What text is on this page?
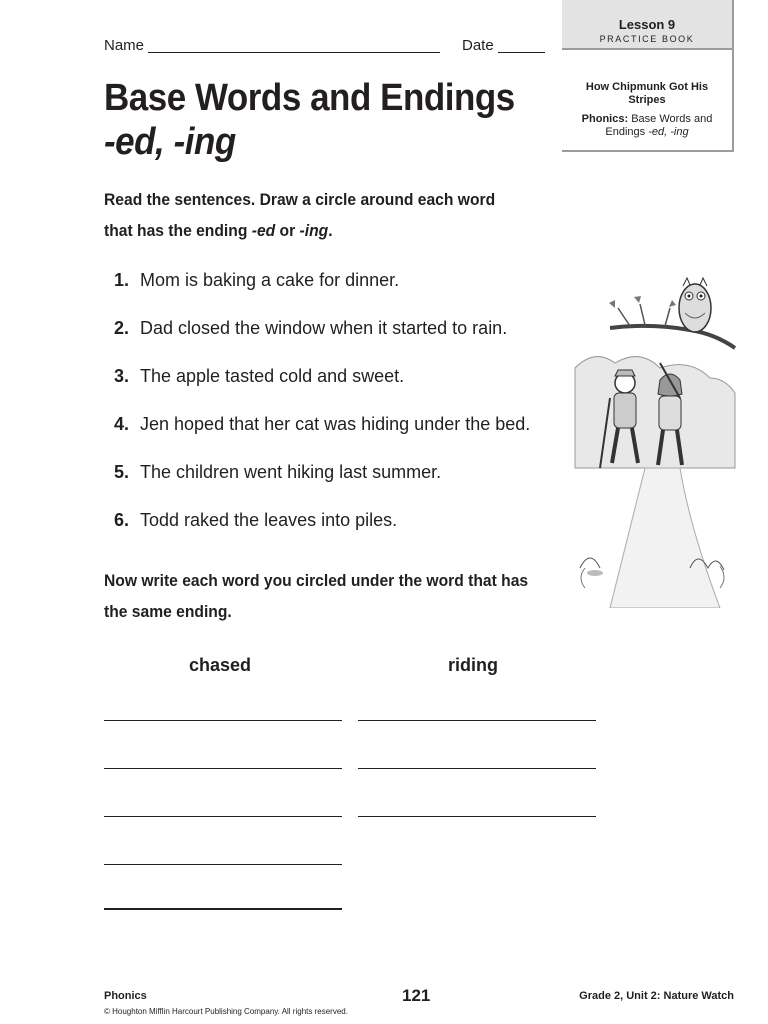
Name	Date
Lesson 9
PRACTICE BOOK
How Chipmunk Got His Stripes
Phonics: Base Words and Endings -ed, -ing
Base Words and Endings
-ed, -ing
Read the sentences. Draw a circle around each word
that has the ending -ed or -ing.
1. Mom is baking a cake for dinner.
2. Dad closed the window when it started to rain.
3. The apple tasted cold and sweet.
4. Jen hoped that her cat was hiding under the bed.
5. The children went hiking last summer.
6. Todd raked the leaves into piles.
Now write each word you circled under the word that has
the same ending.
chased	riding
Phonics
© Houghton Mifflin Harcourt Publishing Company. All rights reserved.
121	Grade 2, Unit 2: Nature Watch
